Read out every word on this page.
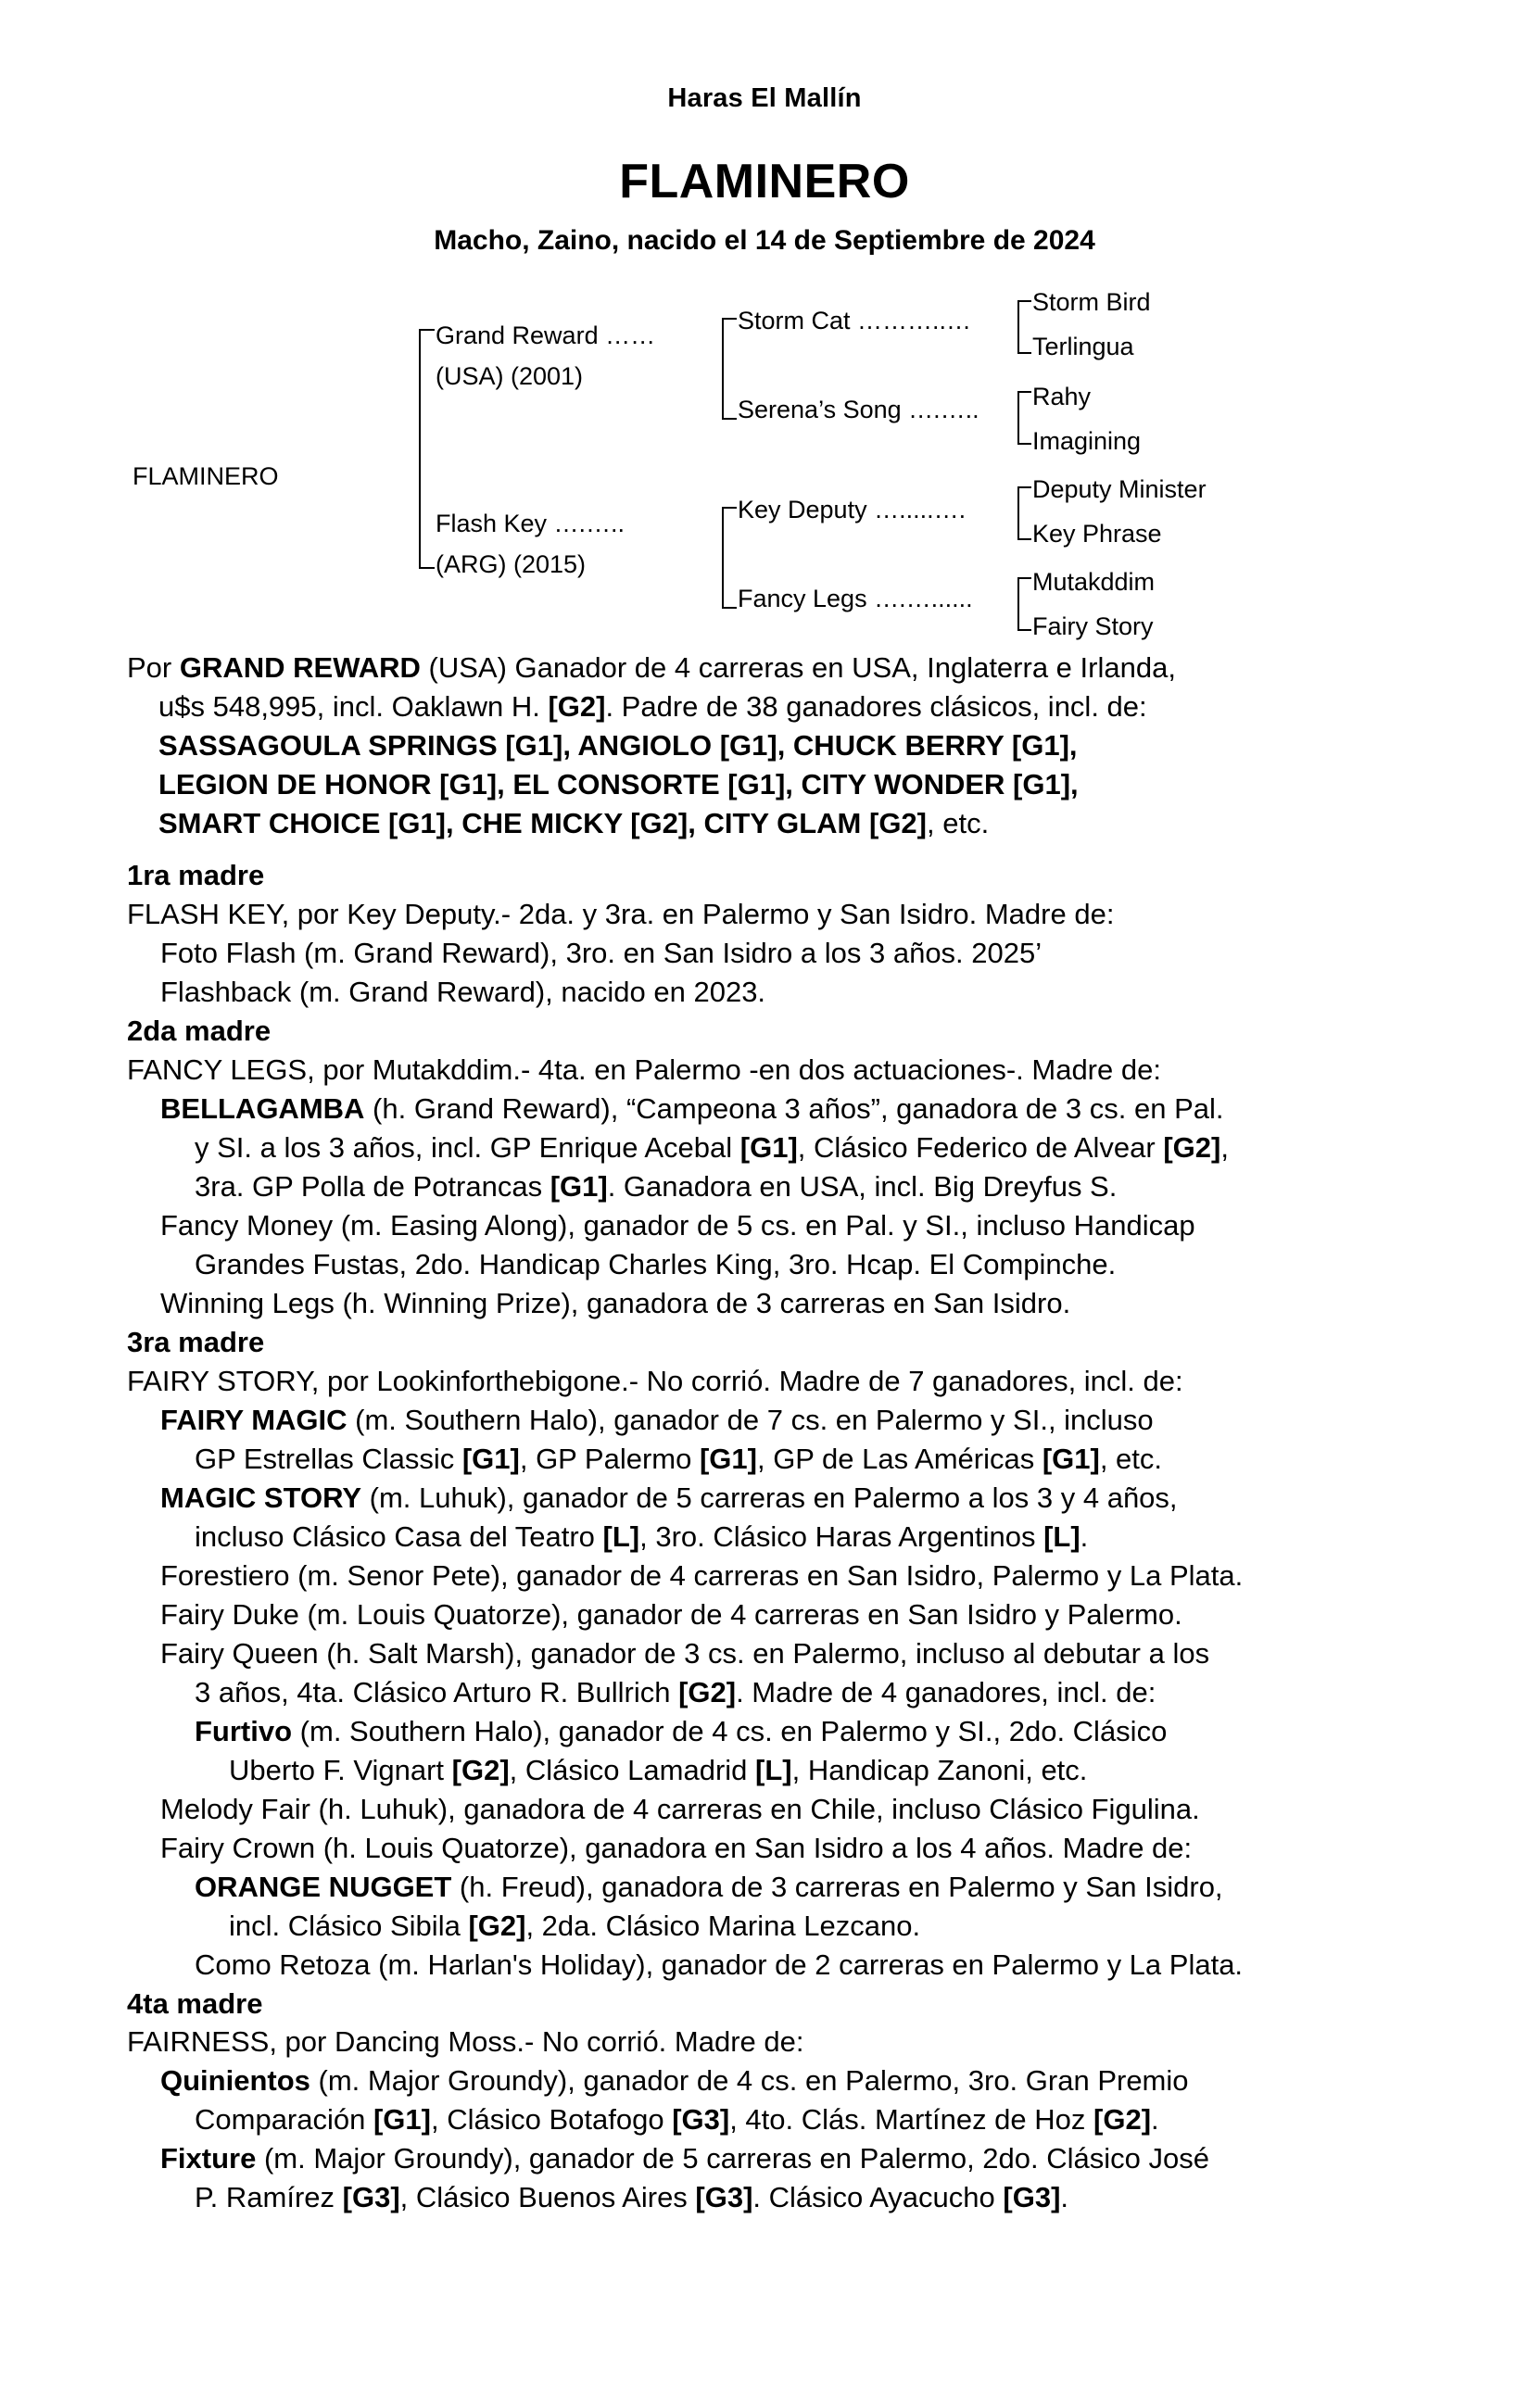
Haras El Mallín
FLAMINERO
Macho, Zaino, nacido el 14 de Septiembre de 2024
FLAMINERO
Grand Reward ……
(USA) (2001)
Flash Key ….…..
(ARG) (2015)
Storm Cat ………..…
Serena’s Song ….…..
Key Deputy ….....….
Fancy Legs ….…......
Storm Bird
Terlingua
Rahy
Imagining
Deputy Minister
Key Phrase
Mutakddim
Fairy Story
Por GRAND REWARD (USA) Ganador de 4 carreras en USA, Inglaterra e Irlanda,
u$s 548,995, incl. Oaklawn H. [G2]. Padre de 38 ganadores clásicos, incl. de:
SASSAGOULA SPRINGS [G1], ANGIOLO [G1], CHUCK BERRY [G1],
LEGION DE HONOR [G1], EL CONSORTE [G1], CITY WONDER [G1],
SMART CHOICE [G1], CHE MICKY [G2], CITY GLAM [G2], etc.
1ra madre
FLASH KEY, por Key Deputy.- 2da. y 3ra. en Palermo y San Isidro. Madre de:
Foto Flash (m. Grand Reward), 3ro. en San Isidro a los 3 años. 2025’
Flashback (m. Grand Reward), nacido en 2023.
2da madre
FANCY LEGS, por Mutakddim.- 4ta. en Palermo -en dos actuaciones-. Madre de:
BELLAGAMBA (h. Grand Reward), “Campeona 3 años”, ganadora de 3 cs. en Pal.
y SI. a los 3 años, incl. GP Enrique Acebal [G1], Clásico Federico de Alvear [G2],
3ra. GP Polla de Potrancas [G1]. Ganadora en USA, incl. Big Dreyfus S.
Fancy Money (m. Easing Along), ganador de 5 cs. en Pal. y SI., incluso Handicap
Grandes Fustas, 2do. Handicap Charles King, 3ro. Hcap. El Compinche.
Winning Legs (h. Winning Prize), ganadora de 3 carreras en San Isidro.
3ra madre
FAIRY STORY, por Lookinforthebigone.- No corrió. Madre de 7 ganadores, incl. de:
FAIRY MAGIC (m. Southern Halo), ganador de 7 cs. en Palermo y SI., incluso
GP Estrellas Classic [G1], GP Palermo [G1], GP de Las Américas [G1], etc.
MAGIC STORY (m. Luhuk), ganador de 5 carreras en Palermo a los 3 y 4 años,
incluso Clásico Casa del Teatro [L], 3ro. Clásico Haras Argentinos [L].
Forestiero (m. Senor Pete), ganador de 4 carreras en San Isidro, Palermo y La Plata.
Fairy Duke (m. Louis Quatorze), ganador de 4 carreras en San Isidro y Palermo.
Fairy Queen (h. Salt Marsh), ganador de 3 cs. en Palermo, incluso al debutar a los
3 años, 4ta. Clásico Arturo R. Bullrich [G2]. Madre de 4 ganadores, incl. de:
Furtivo (m. Southern Halo), ganador de 4 cs. en Palermo y SI., 2do. Clásico
Uberto F. Vignart [G2], Clásico Lamadrid [L], Handicap Zanoni, etc.
Melody Fair (h. Luhuk), ganadora de 4 carreras en Chile, incluso Clásico Figulina.
Fairy Crown (h. Louis Quatorze), ganadora en San Isidro a los 4 años. Madre de:
ORANGE NUGGET (h. Freud), ganadora de 3 carreras en Palermo y San Isidro,
incl. Clásico Sibila [G2], 2da. Clásico Marina Lezcano.
Como Retoza (m. Harlan's Holiday), ganador de 2 carreras en Palermo y La Plata.
4ta madre
FAIRNESS, por Dancing Moss.- No corrió. Madre de:
Quinientos (m. Major Groundy), ganador de 4 cs. en Palermo, 3ro. Gran Premio
Comparación [G1], Clásico Botafogo [G3], 4to. Clás. Martínez de Hoz [G2].
Fixture (m. Major Groundy), ganador de 5 carreras en Palermo, 2do. Clásico José
P. Ramírez [G3], Clásico Buenos Aires [G3]. Clásico Ayacucho [G3].
